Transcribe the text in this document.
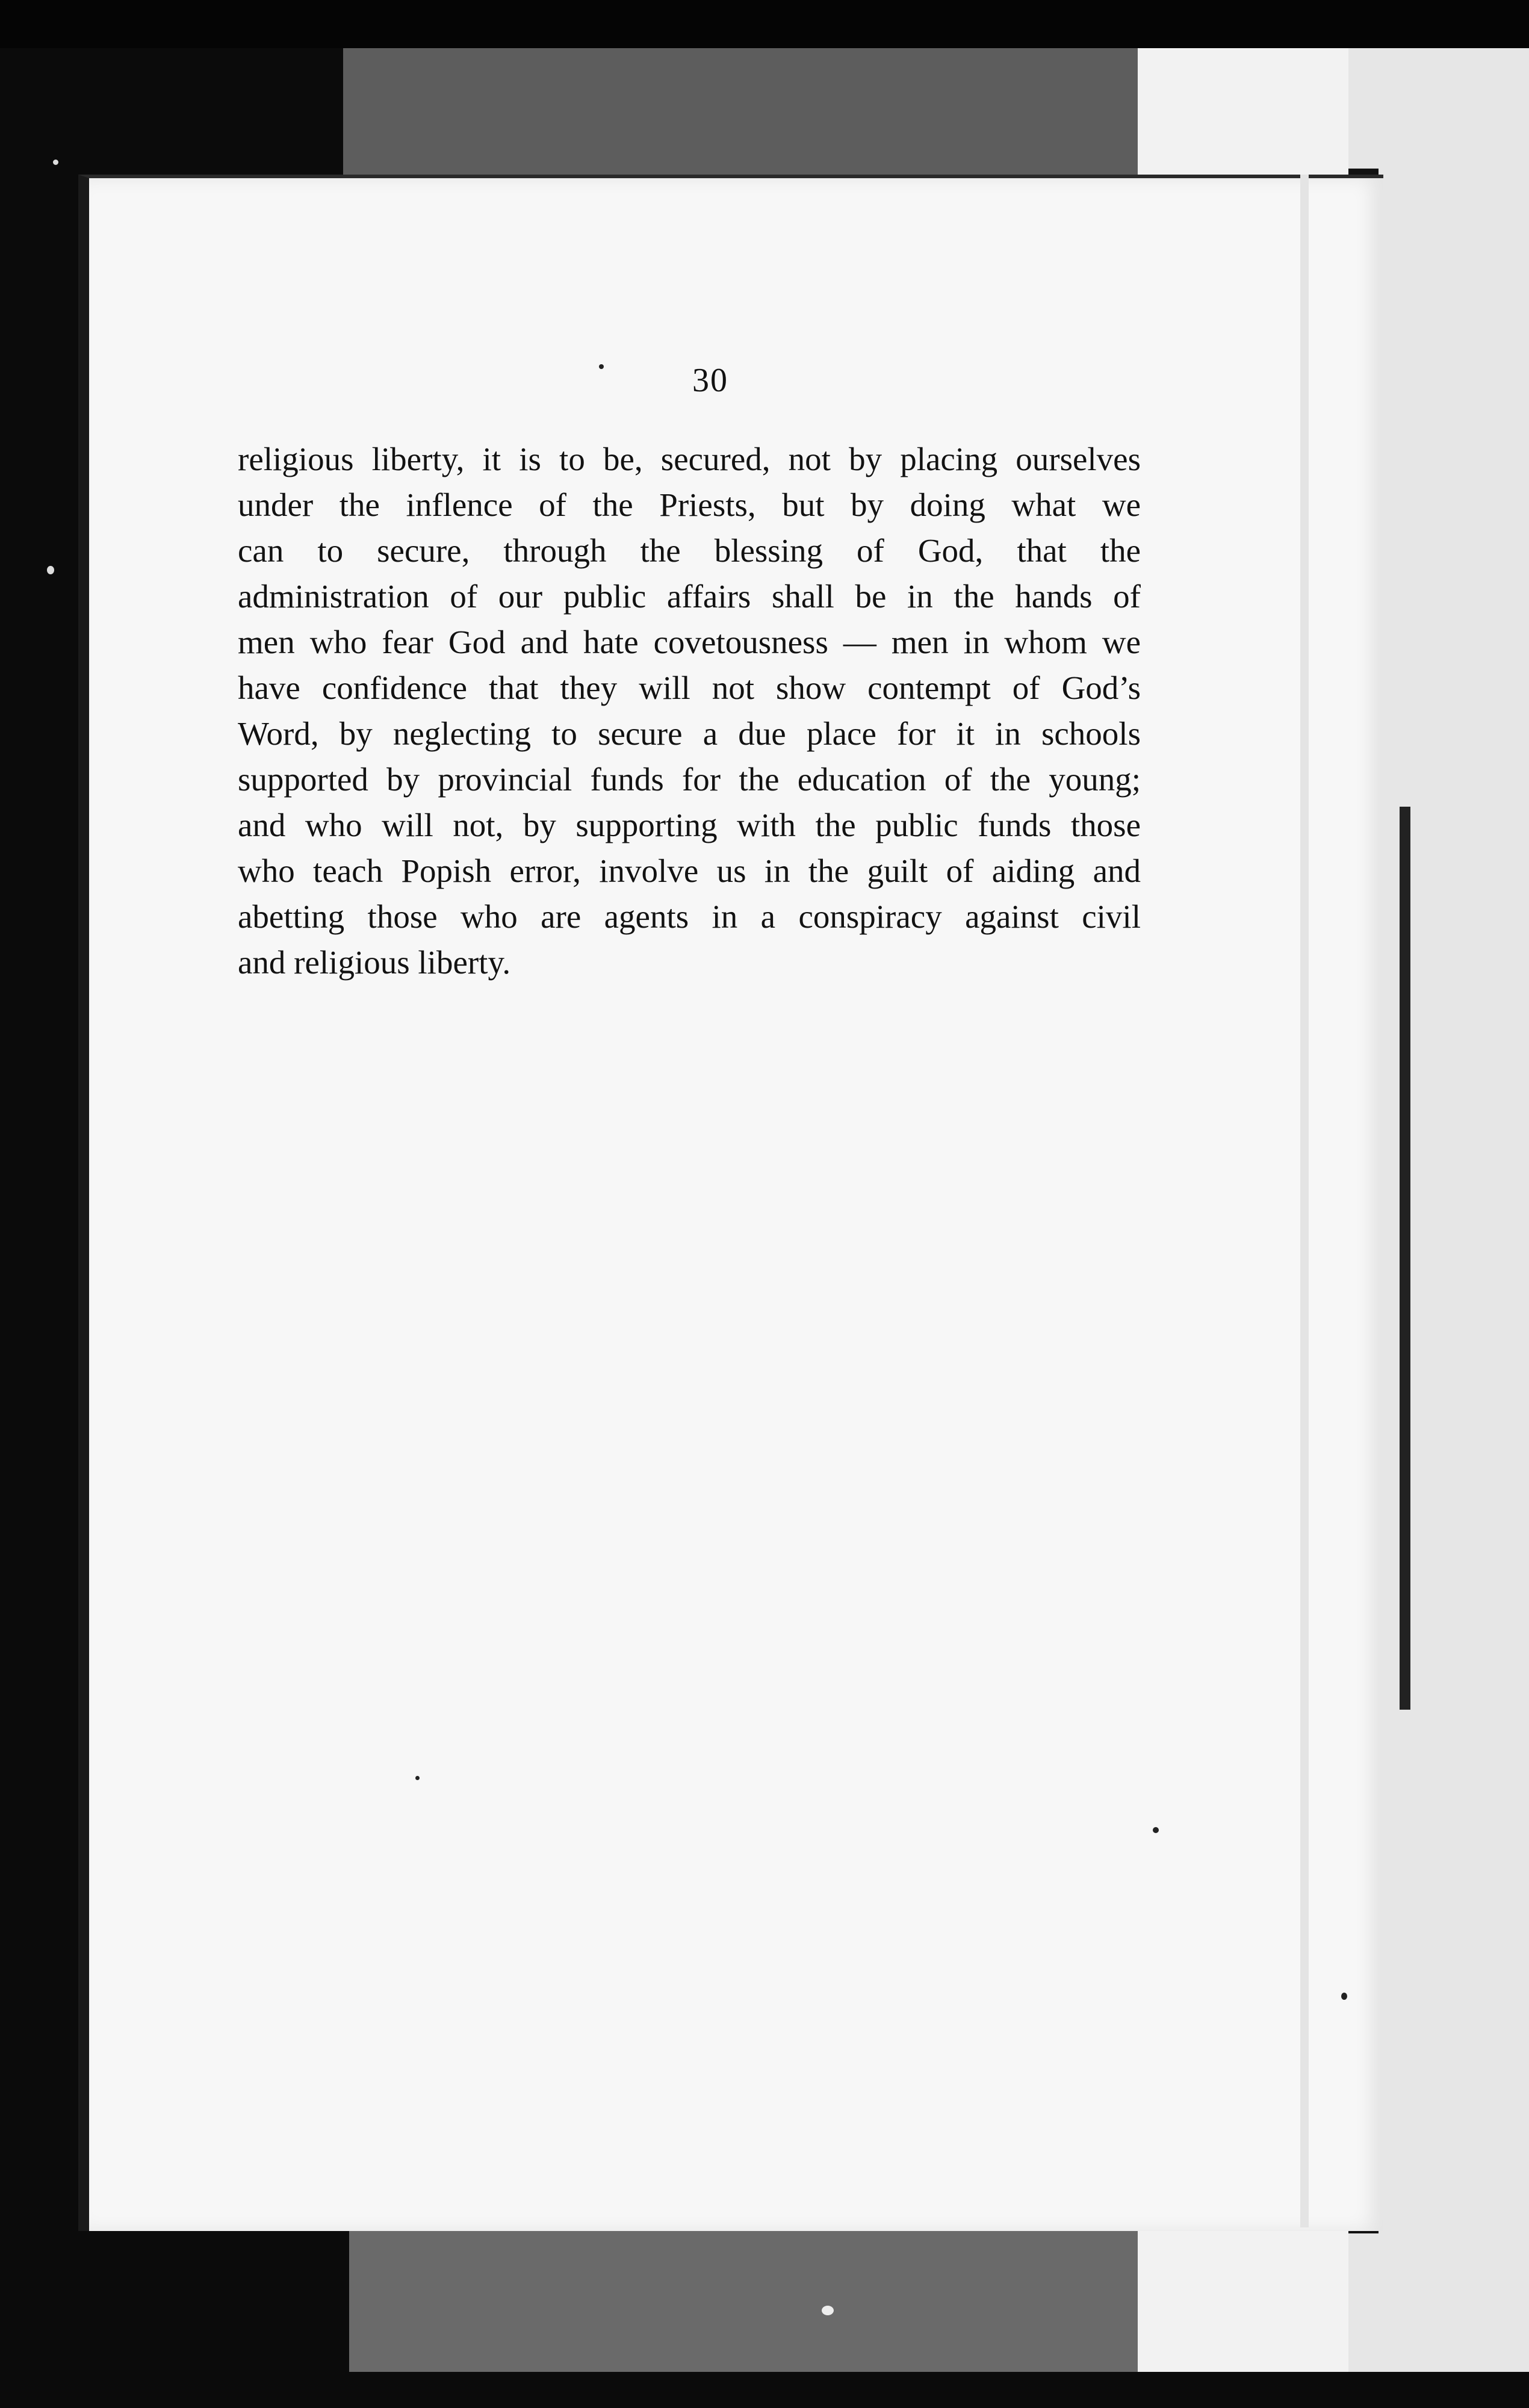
30
religious liberty, it is to be, secured, not by placing ourselves
under the inflence of the Priests, but by doing what we
can to secure, through the blessing of God, that the
administration of our public affairs shall be in the hands of
men who fear God and hate covetousness — men in whom we
have confidence that they will not show contempt of God’s
Word, by neglecting to secure a due place for it in schools
supported by provincial funds for the education of the young;
and who will not, by supporting with the public funds those
who teach Popish error, involve us in the guilt of aiding and
abetting those who are agents in a conspiracy against civil
and religious liberty.
